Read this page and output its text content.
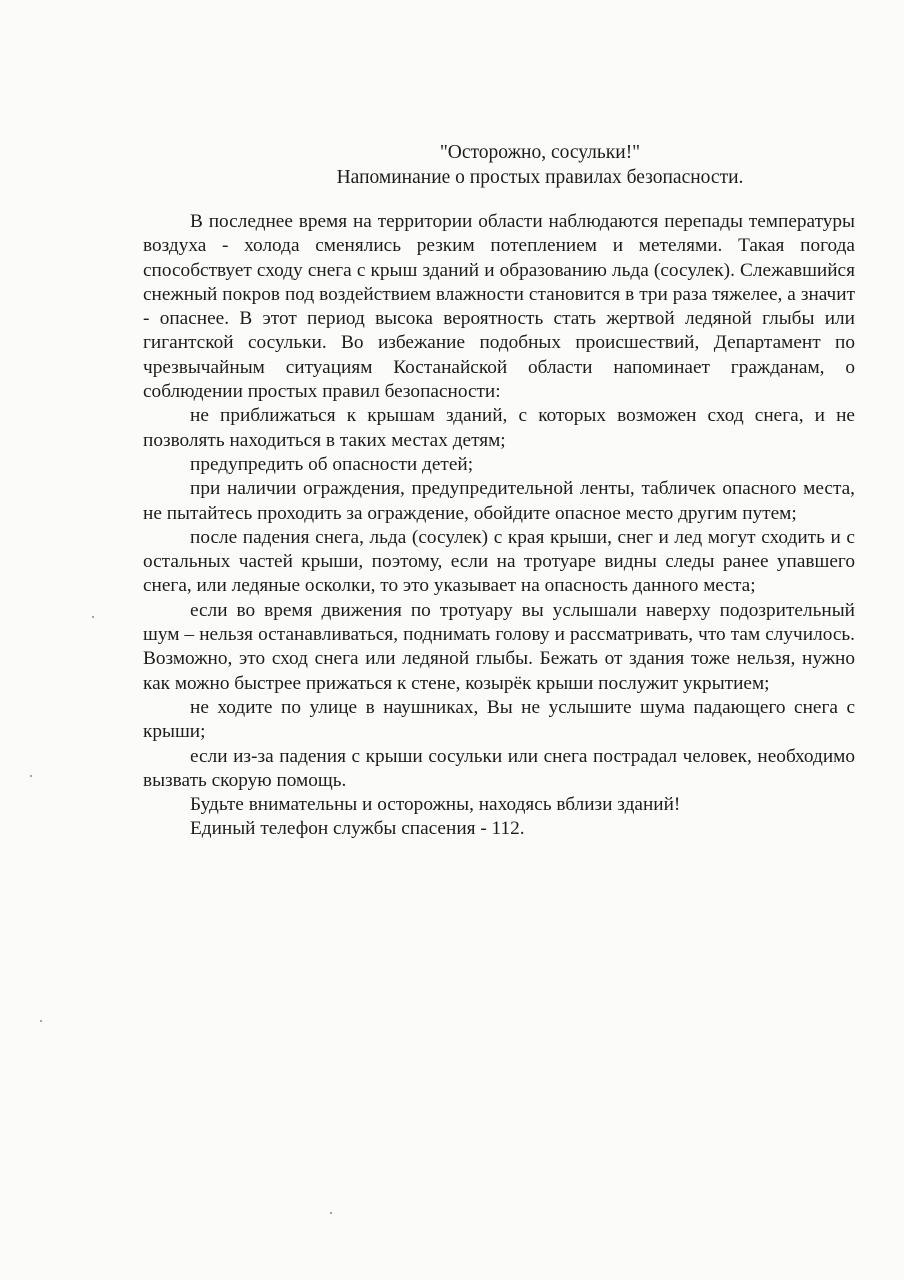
"Осторожно, сосульки!"
Напоминание о простых правилах безопасности.

В последнее время на территории области наблюдаются перепады температуры воздуха - холода сменялись резким потеплением и метелями. Такая погода способствует сходу снега с крыш зданий и образованию льда (сосулек). Слежавшийся снежный покров под воздействием влажности становится в три раза тяжелее, а значит - опаснее. В этот период высока вероятность стать жертвой ледяной глыбы или гигантской сосульки. Во избежание подобных происшествий, Департамент по чрезвычайным ситуациям Костанайской области напоминает гражданам, о соблюдении простых правил безопасности:

не приближаться к крышам зданий, с которых возможен сход снега, и не позволять находиться в таких местах детям;

предупредить об опасности детей;

при наличии ограждения, предупредительной ленты, табличек опасного места, не пытайтесь проходить за ограждение, обойдите опасное место другим путем;

после падения снега, льда (сосулек) с края крыши, снег и лед могут сходить и с остальных частей крыши, поэтому, если на тротуаре видны следы ранее упавшего снега, или ледяные осколки, то это указывает на опасность данного места;

если во время движения по тротуару вы услышали наверху подозрительный шум – нельзя останавливаться, поднимать голову и рассматривать, что там случилось. Возможно, это сход снега или ледяной глыбы. Бежать от здания тоже нельзя, нужно как можно быстрее прижаться к стене, козырёк крыши послужит укрытием;

не ходите по улице в наушниках, Вы не услышите шума падающего снега с крыши;

если из-за падения с крыши сосульки или снега пострадал человек, необходимо вызвать скорую помощь.

Будьте внимательны и осторожны, находясь вблизи зданий!

Единый телефон службы спасения - 112.
